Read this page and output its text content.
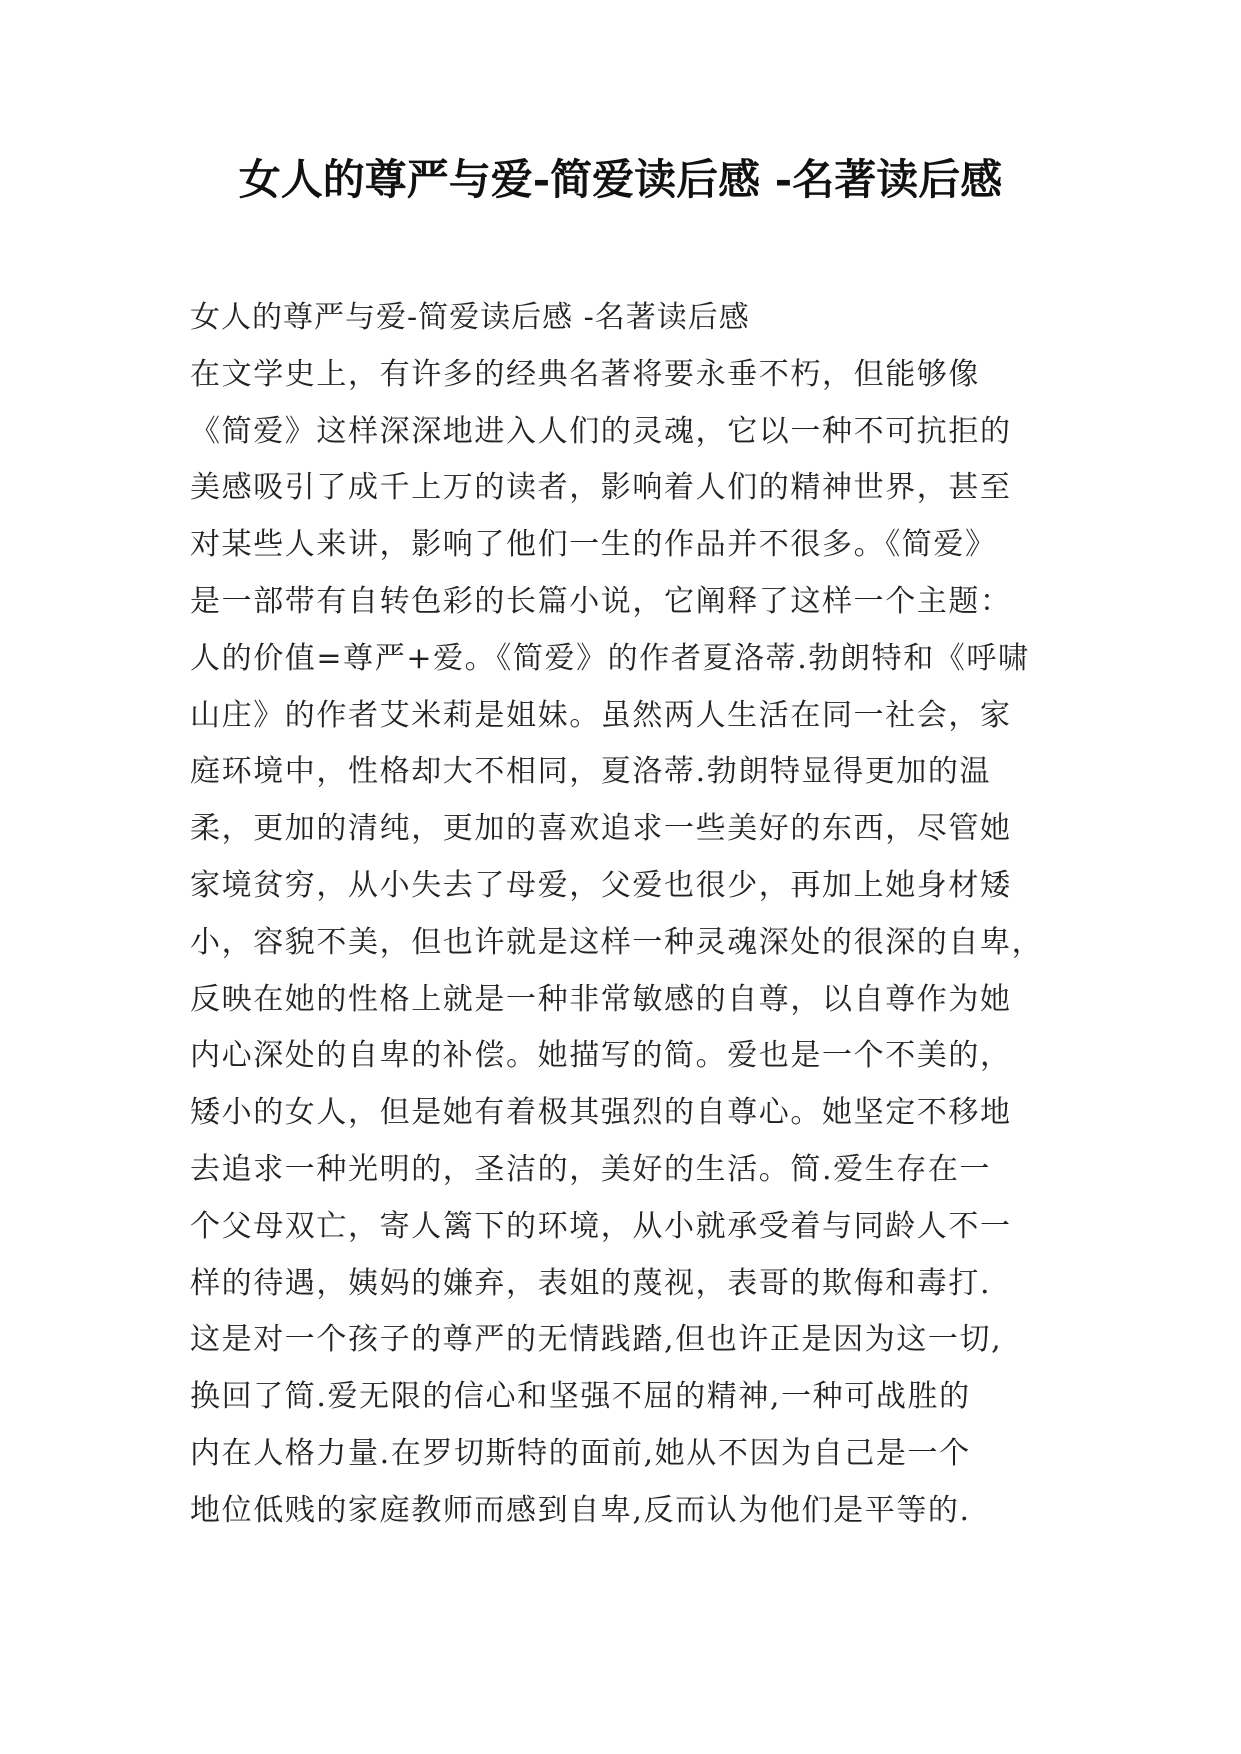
女人的尊严与爱-简爱读后感 -名著读后感
女人的尊严与爱-简爱读后感 -名著读后感
在文学史上，有许多的经典名著将要永垂不朽，但能够像
《简爱》这样深深地进入人们的灵魂，它以一种不可抗拒的
美感吸引了成千上万的读者，影响着人们的精神世界，甚至
对某些人来讲，影响了他们一生的作品并不很多。《简爱》
是一部带有自转色彩的长篇小说，它阐释了这样一个主题：
人的价值=尊严+爱。《简爱》的作者夏洛蒂.勃朗特和《呼啸
山庄》的作者艾米莉是姐妹。虽然两人生活在同一社会，家
庭环境中，性格却大不相同，夏洛蒂.勃朗特显得更加的温
柔，更加的清纯，更加的喜欢追求一些美好的东西，尽管她
家境贫穷，从小失去了母爱，父爱也很少，再加上她身材矮
小，容貌不美，但也许就是这样一种灵魂深处的很深的自卑，
反映在她的性格上就是一种非常敏感的自尊，以自尊作为她
内心深处的自卑的补偿。她描写的简。爱也是一个不美的，
矮小的女人，但是她有着极其强烈的自尊心。她坚定不移地
去追求一种光明的，圣洁的，美好的生活。简.爱生存在一
个父母双亡，寄人篱下的环境，从小就承受着与同龄人不一
样的待遇，姨妈的嫌弃，表姐的蔑视，表哥的欺侮和毒打.
这是对一个孩子的尊严的无情践踏,但也许正是因为这一切,
换回了简.爱无限的信心和坚强不屈的精神,一种可战胜的
内在人格力量.在罗切斯特的面前,她从不因为自己是一个
地位低贱的家庭教师而感到自卑,反而认为他们是平等的.
